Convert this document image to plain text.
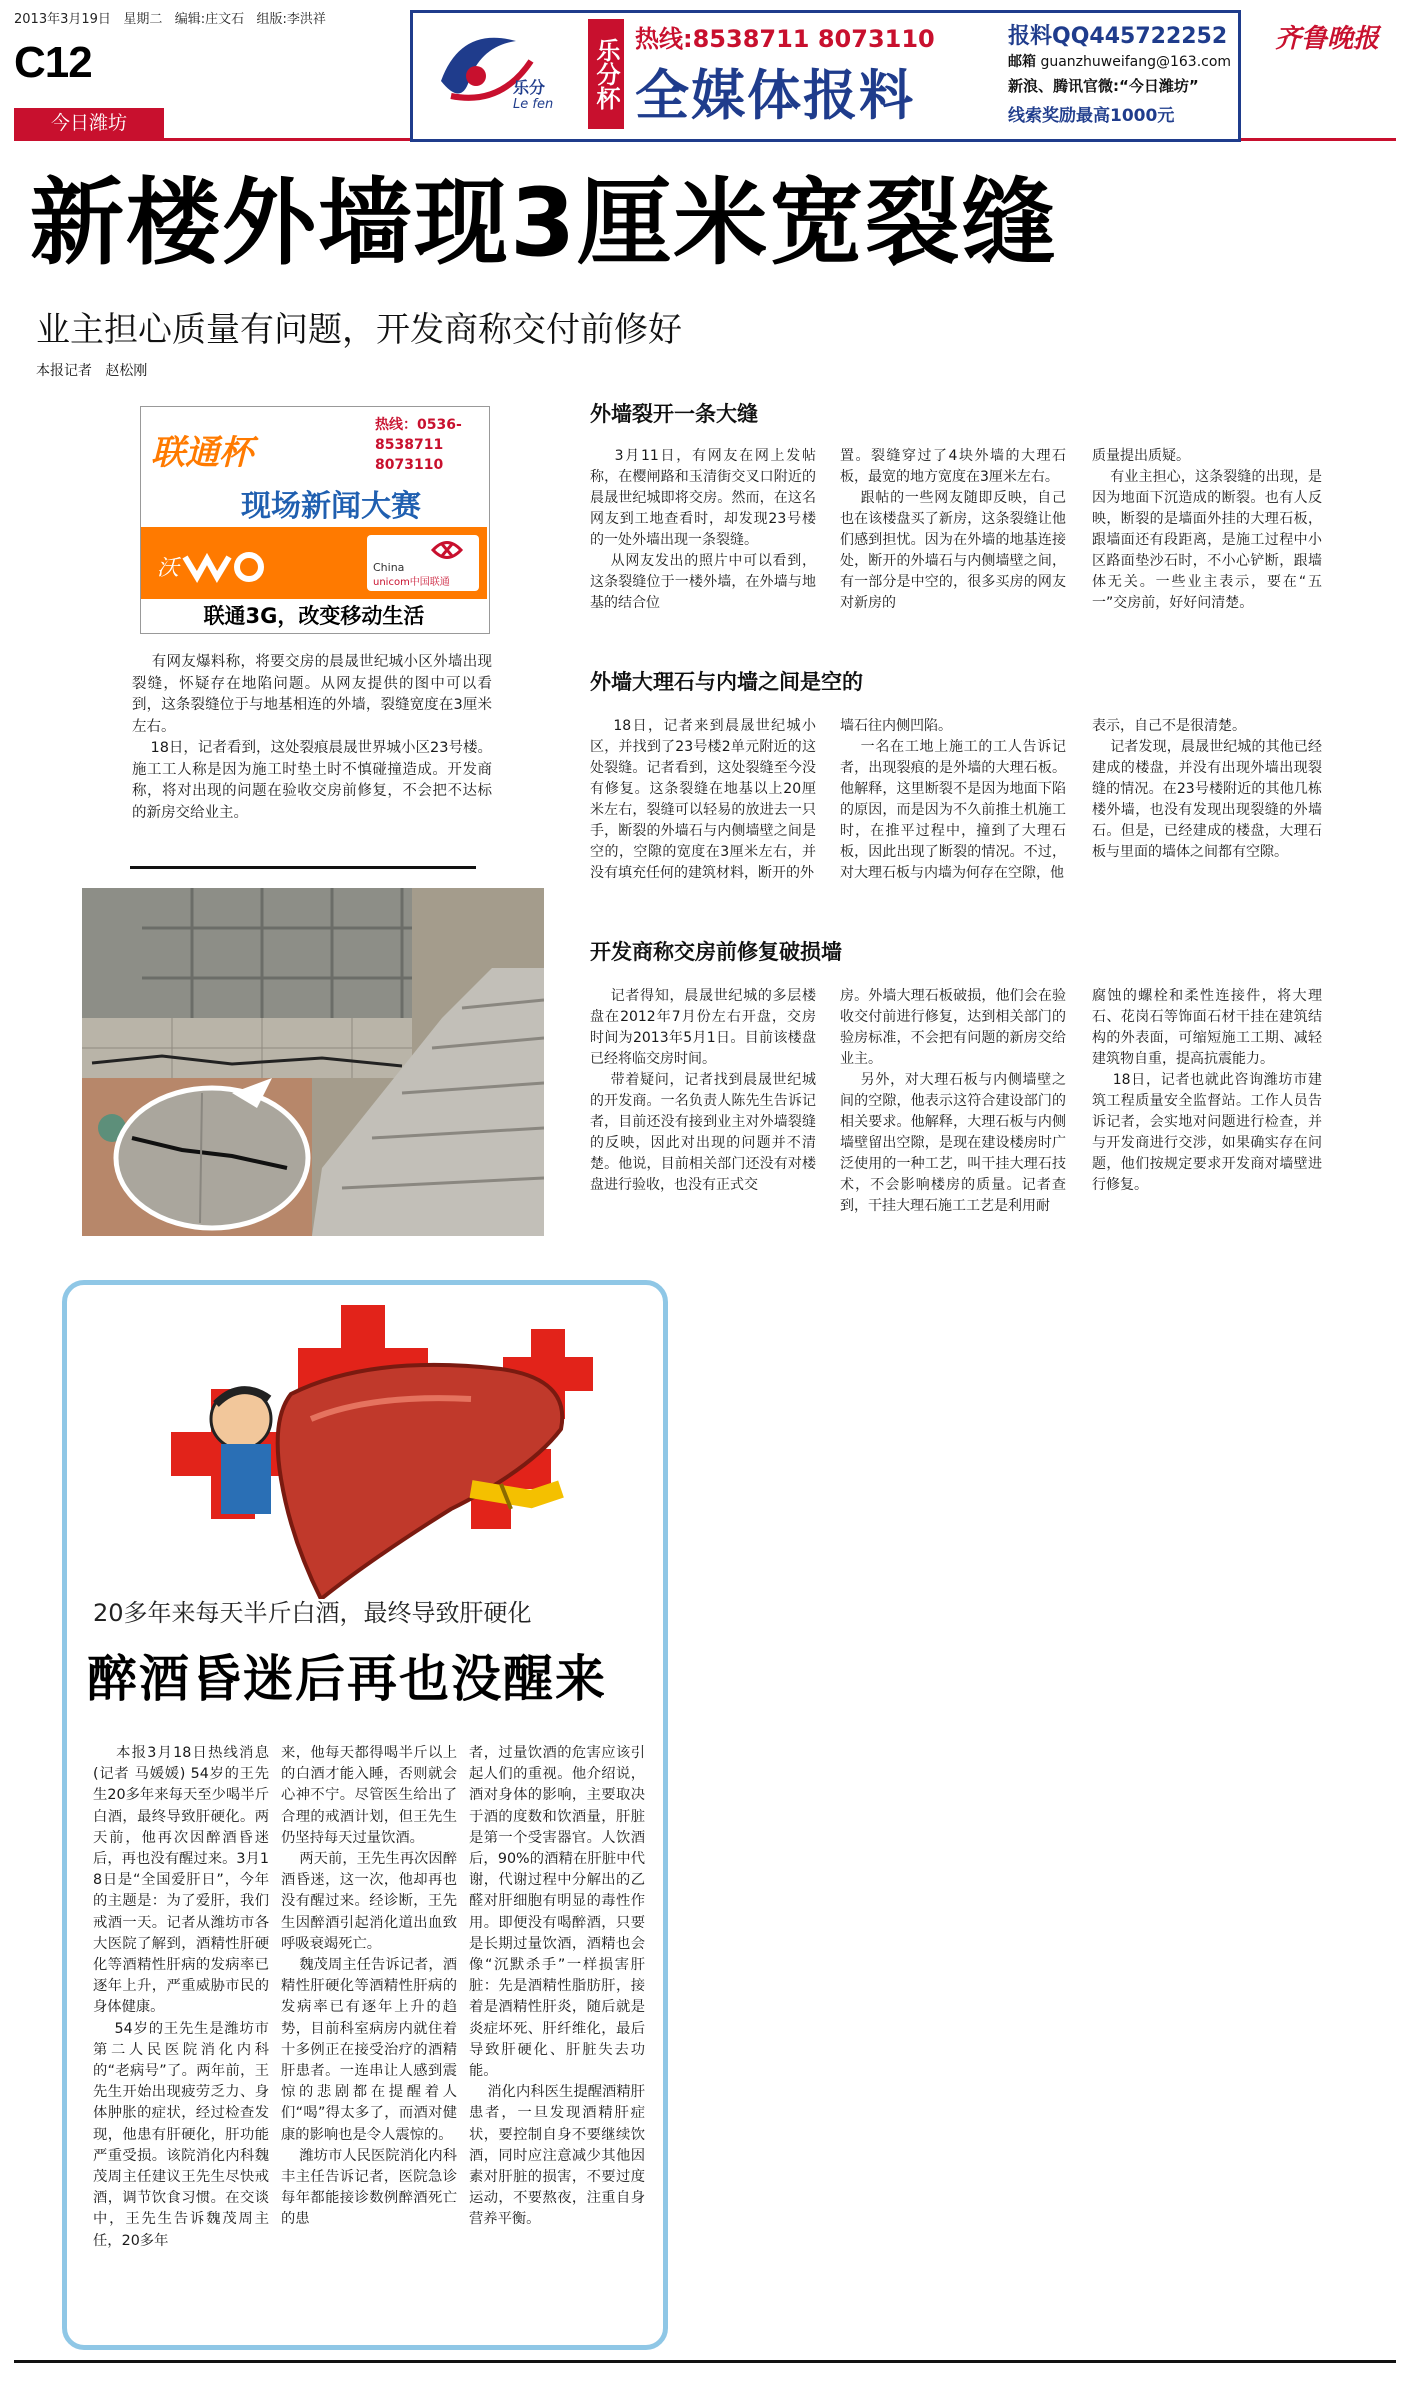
2013年3月19日 星期二 编辑:庄文石 组版:李洪祥
C12
今日潍坊
齐鲁晚报
乐分
Le fen 乐分杯 热线:8538711 8073110
全媒体报料
报料QQ445722252
邮箱 guanzhuweifang@163.com
新浪、腾讯官微:“今日潍坊”
线索奖励最高1000元
新楼外墙现3厘米宽裂缝
业主担心质量有问题，开发商称交付前修好
本报记者   赵松刚
联通杯
现场新闻大赛
热线：0536-
8538711
8073110
沃	China
unicom中国联通
联通3G，改变移动生活
有网友爆料称，将要交房的晨晟世纪城小区外墙出现裂缝，怀疑存在地陷问题。从网友提供的图中可以看到，这条裂缝位于与地基相连的外墙，裂缝宽度在3厘米左右。
18日，记者看到，这处裂痕晨晟世界城小区23号楼。施工工人称是因为施工时垫土时不慎碰撞造成。开发商称，将对出现的问题在验收交房前修复，不会把不达标的新房交给业主。
外墙裂开一条大缝
3月11日，有网友在网上发帖称，在樱闸路和玉清街交叉口附近的晨晟世纪城即将交房。然而，在这名网友到工地查看时，却发现23号楼的一处外墙出现一条裂缝。
从网友发出的照片中可以看到，这条裂缝位于一楼外墙，在外墙与地基的结合位
置。裂缝穿过了4块外墙的大理石板，最宽的地方宽度在3厘米左右。
跟帖的一些网友随即反映，自己也在该楼盘买了新房，这条裂缝让他们感到担忧。因为在外墙的地基连接处，断开的外墙石与内侧墙壁之间，有一部分是中空的，很多买房的网友对新房的
质量提出质疑。
有业主担心，这条裂缝的出现，是因为地面下沉造成的断裂。也有人反映，断裂的是墙面外挂的大理石板，跟墙面还有段距离，是施工过程中小区路面垫沙石时，不小心铲断，跟墙体无关。一些业主表示，要在“五一”交房前，好好问清楚。
外墙大理石与内墙之间是空的
18日，记者来到晨晟世纪城小区，并找到了23号楼2单元附近的这处裂缝。记者看到，这处裂缝至今没有修复。这条裂缝在地基以上20厘米左右，裂缝可以轻易的放进去一只手，断裂的外墙石与内侧墙壁之间是空的，空隙的宽度在3厘米左右，并没有填充任何的建筑材料，断开的外
墙石往内侧凹陷。
一名在工地上施工的工人告诉记者，出现裂痕的是外墙的大理石板。他解释，这里断裂不是因为地面下陷的原因，而是因为不久前推土机施工时，在推平过程中，撞到了大理石板，因此出现了断裂的情况。不过，对大理石板与内墙为何存在空隙，他
表示，自己不是很清楚。
记者发现，晨晟世纪城的其他已经建成的楼盘，并没有出现外墙出现裂缝的情况。在23号楼附近的其他几栋楼外墙，也没有发现出现裂缝的外墙石。但是，已经建成的楼盘，大理石板与里面的墙体之间都有空隙。
开发商称交房前修复破损墙
记者得知，晨晟世纪城的多层楼盘在2012年7月份左右开盘，交房时间为2013年5月1日。目前该楼盘已经将临交房时间。
带着疑问，记者找到晨晟世纪城的开发商。一名负责人陈先生告诉记者，目前还没有接到业主对外墙裂缝的反映，因此对出现的问题并不清楚。他说，目前相关部门还没有对楼盘进行验收，也没有正式交
房。外墙大理石板破损，他们会在验收交付前进行修复，达到相关部门的验房标准，不会把有问题的新房交给业主。
另外，对大理石板与内侧墙壁之间的空隙，他表示这符合建设部门的相关要求。他解释，大理石板与内侧墙壁留出空隙，是现在建设楼房时广泛使用的一种工艺，叫干挂大理石技术，不会影响楼房的质量。记者查到，干挂大理石施工工艺是利用耐
腐蚀的螺栓和柔性连接件，将大理石、花岗石等饰面石材干挂在建筑结构的外表面，可缩短施工工期、减轻建筑物自重，提高抗震能力。
18日，记者也就此咨询潍坊市建筑工程质量安全监督站。工作人员告诉记者，会实地对问题进行检查，并与开发商进行交涉，如果确实存在问题，他们按规定要求开发商对墙壁进行修复。
20多年来每天半斤白酒，最终导致肝硬化
醉酒昏迷后再也没醒来
本报3月18日热线消息(记者 马媛媛) 54岁的王先生20多年来每天至少喝半斤白酒，最终导致肝硬化。两天前，他再次因醉酒昏迷后，再也没有醒过来。3月18日是“全国爱肝日”，今年的主题是：为了爱肝，我们戒酒一天。记者从潍坊市各大医院了解到，酒精性肝硬化等酒精性肝病的发病率已逐年上升，严重威胁市民的身体健康。
54岁的王先生是潍坊市第二人民医院消化内科的“老病号”了。两年前，王先生开始出现疲劳乏力、身体肿胀的症状，经过检查发现，他患有肝硬化，肝功能严重受损。该院消化内科魏茂周主任建议王先生尽快戒酒，调节饮食习惯。在交谈中，王先生告诉魏茂周主任，20多年
来，他每天都得喝半斤以上的白酒才能入睡，否则就会心神不宁。尽管医生给出了合理的戒酒计划，但王先生仍坚持每天过量饮酒。
两天前，王先生再次因醉酒昏迷，这一次，他却再也没有醒过来。经诊断，王先生因醉酒引起消化道出血致呼吸衰竭死亡。
魏茂周主任告诉记者，酒精性肝硬化等酒精性肝病的发病率已有逐年上升的趋势，目前科室病房内就住着十多例正在接受治疗的酒精肝患者。一连串让人感到震惊的悲剧都在提醒着人们“喝”得太多了，而酒对健康的影响也是令人震惊的。
潍坊市人民医院消化内科丰主任告诉记者，医院急诊每年都能接诊数例醉酒死亡的患
者，过量饮酒的危害应该引起人们的重视。他介绍说，酒对身体的影响，主要取决于酒的度数和饮酒量，肝脏是第一个受害器官。人饮酒后，90%的酒精在肝脏中代谢，代谢过程中分解出的乙醛对肝细胞有明显的毒性作用。即便没有喝醉酒，只要是长期过量饮酒，酒精也会像“沉默杀手”一样损害肝脏：先是酒精性脂肪肝，接着是酒精性肝炎，随后就是炎症坏死、肝纤维化，最后导致肝硬化、肝脏失去功能。
消化内科医生提醒酒精肝患者，一旦发现酒精肝症状，要控制自身不要继续饮酒，同时应注意减少其他因素对肝脏的损害，不要过度运动，不要熬夜，注重自身营养平衡。
